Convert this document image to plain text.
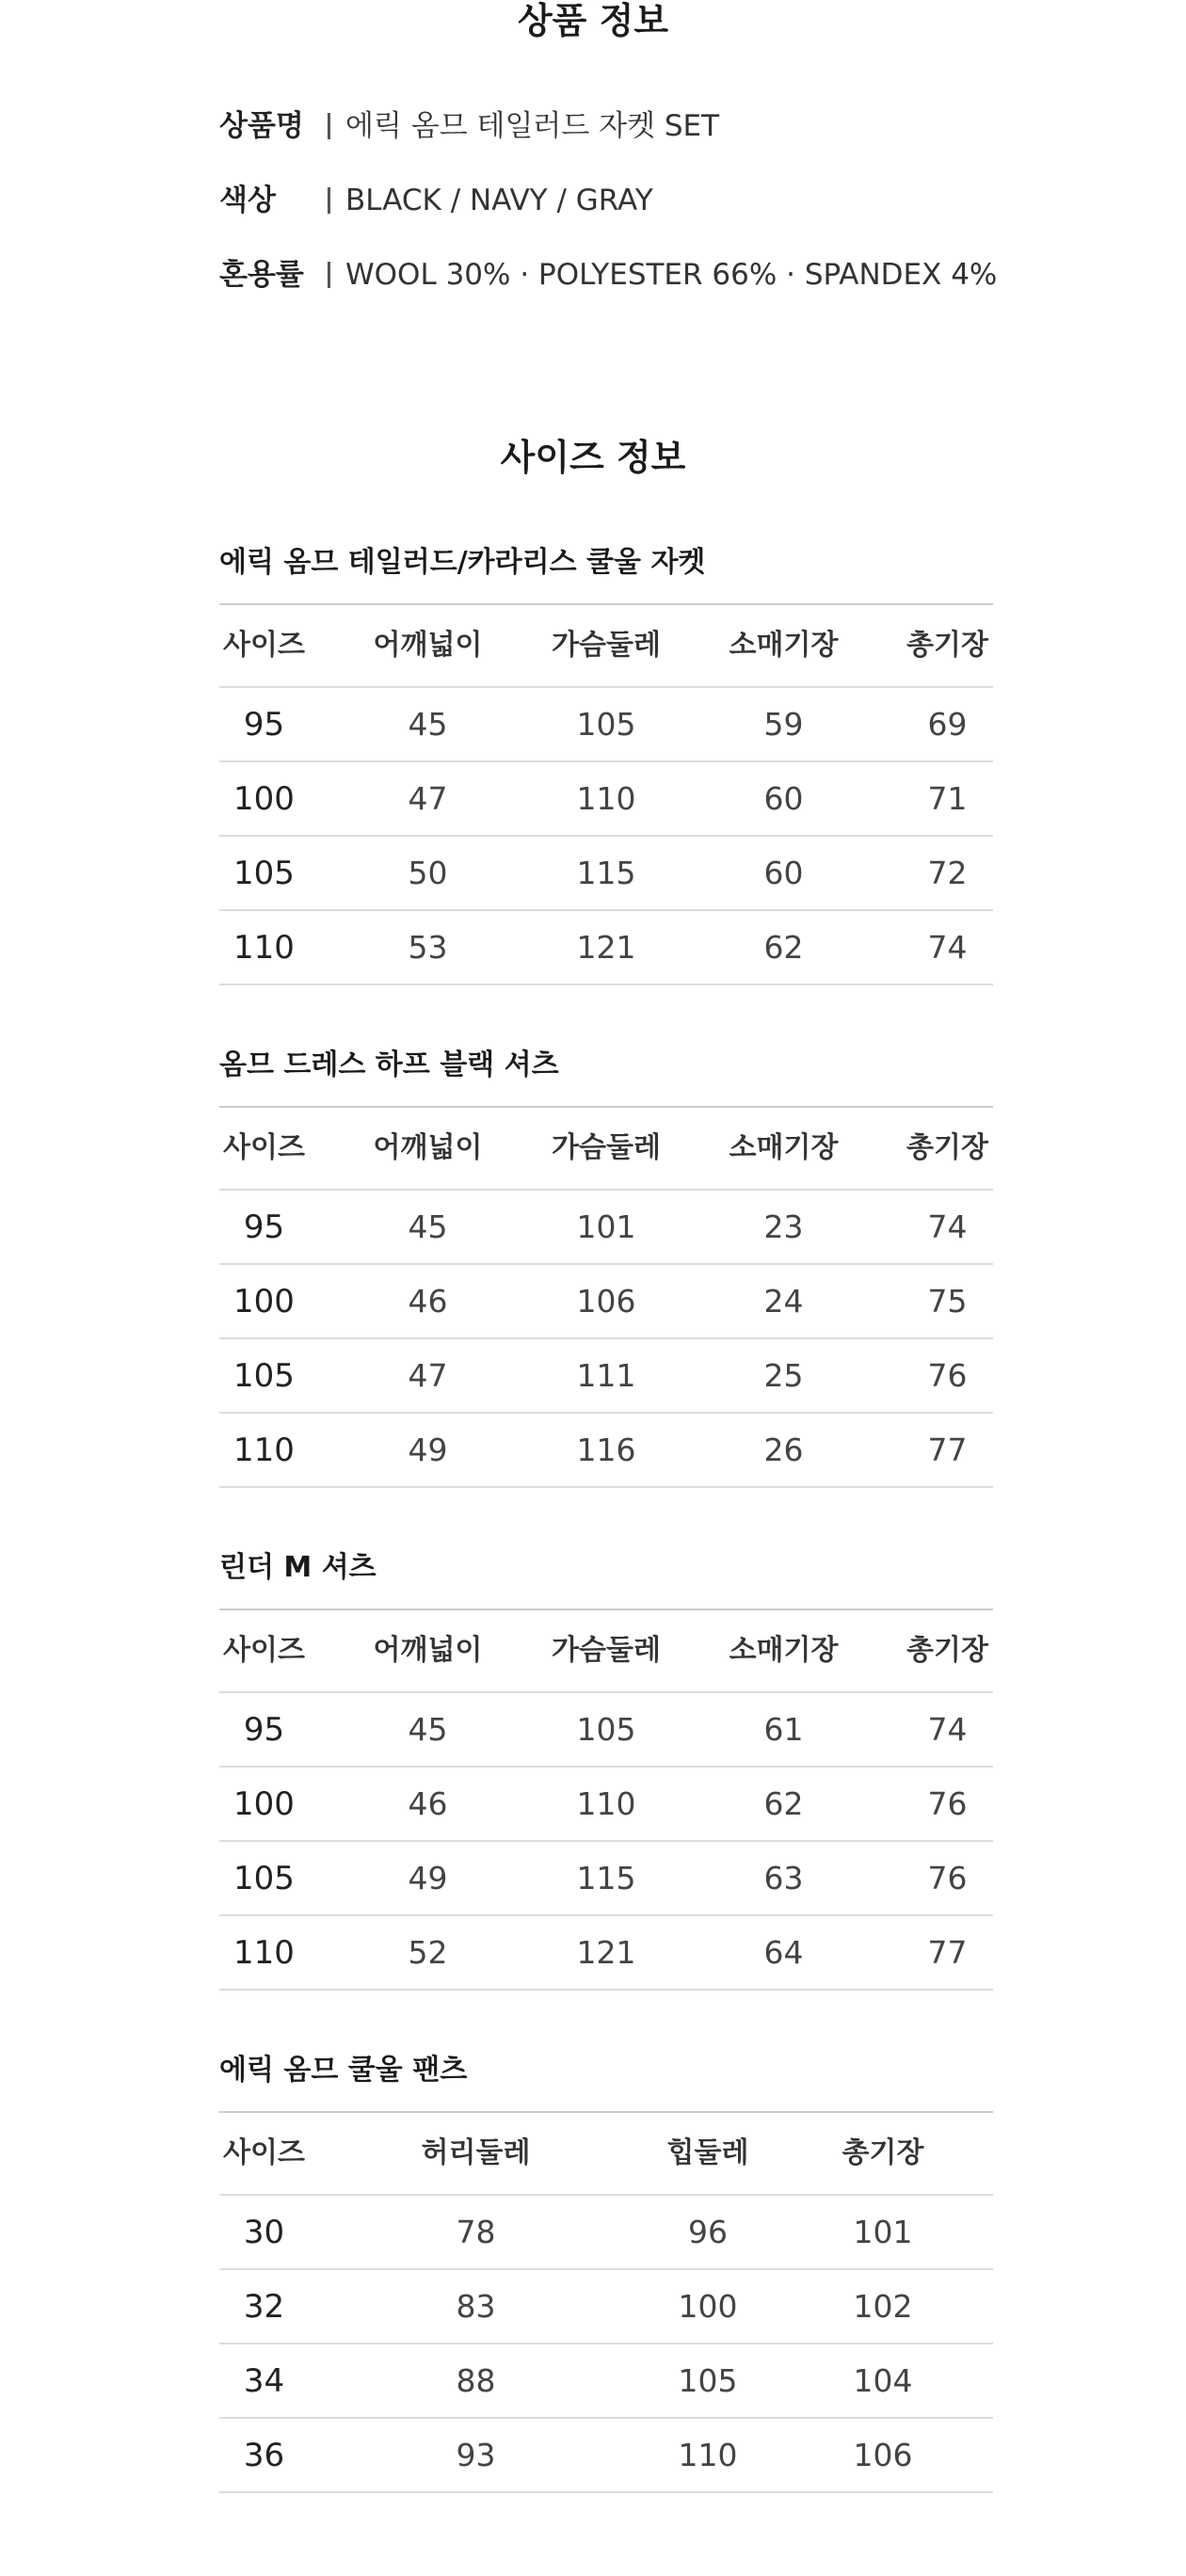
상품 정보
상품명	에릭 옴므 테일러드 자켓 SET
색상	BLACK / NAVY / GRAY
혼용률	WOOL 30% · POLYESTER 66% · SPANDEX 4%
사이즈 정보
에릭 옴므 테일러드/카라리스 쿨울 자켓
사이즈	어깨넓이	가슴둘레	소매기장	총기장
95	45	105	59	69
100	47	110	60	71
105	50	115	60	72
110	53	121	62	74
옴므 드레스 하프 블랙 셔츠
사이즈	어깨넓이	가슴둘레	소매기장	총기장
95	45	101	23	74
100	46	106	24	75
105	47	111	25	76
110	49	116	26	77
린더 M 셔츠
사이즈	어깨넓이	가슴둘레	소매기장	총기장
95	45	105	61	74
100	46	110	62	76
105	49	115	63	76
110	52	121	64	77
에릭 옴므 쿨울 팬츠
사이즈	허리둘레	힙둘레	총기장
30	78	96	101
32	83	100	102
34	88	105	104
36	93	110	106
